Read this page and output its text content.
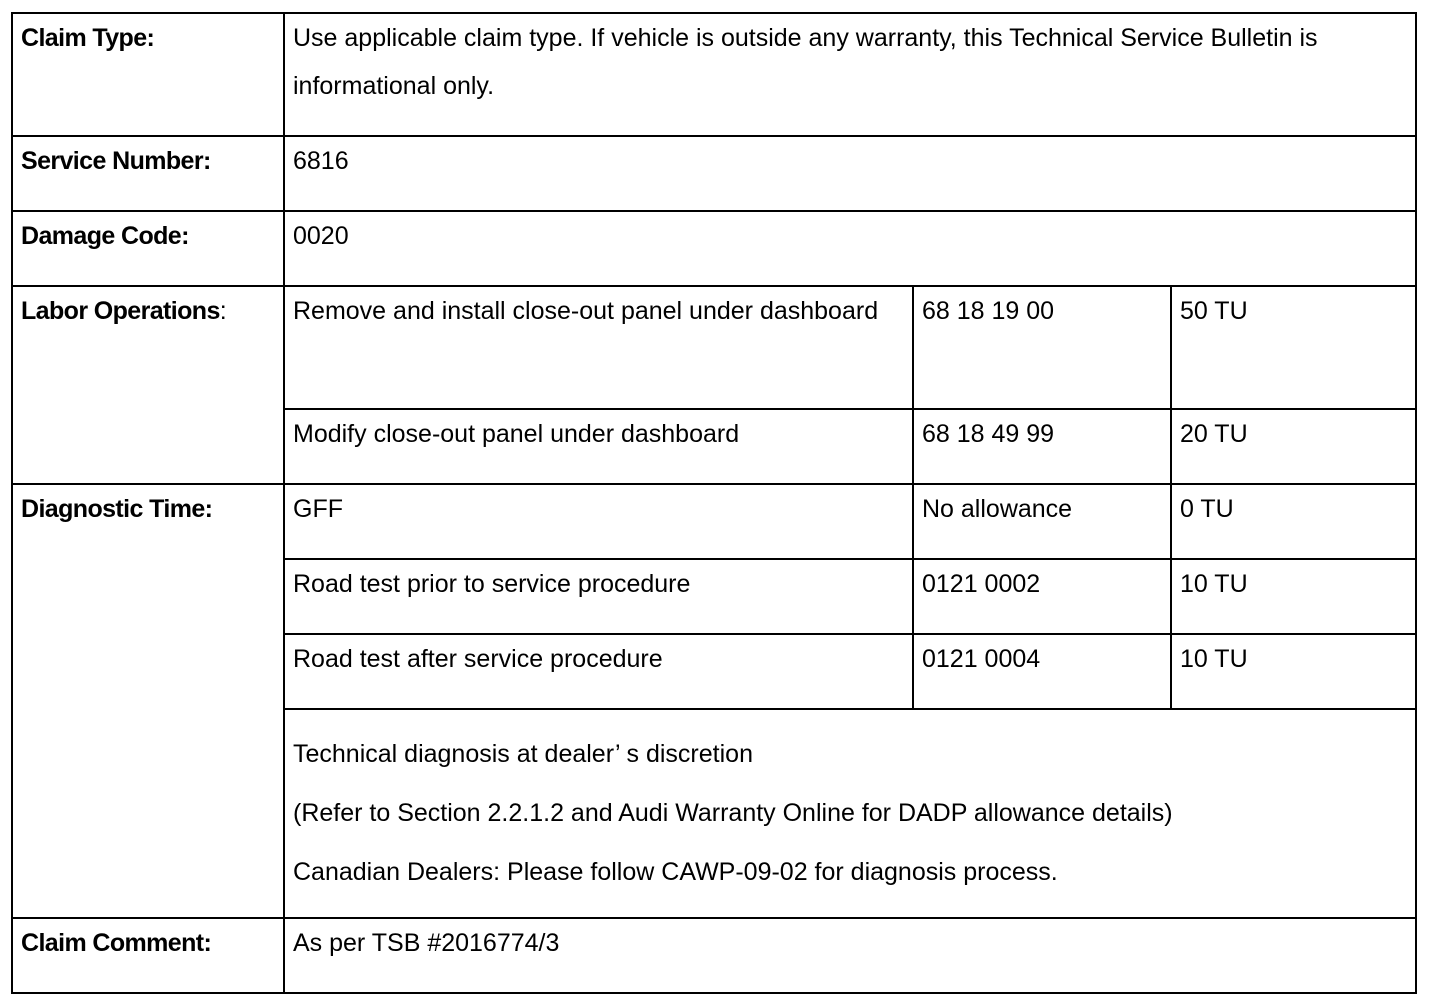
Claim Type:	Use applicable claim type. If vehicle is outside any warranty, this Technical Service Bulletin is informational only.		
Service Number:	6816		
Damage Code:	0020		
Labor Operations:	Remove and install close-out panel under dashboard	68 18 19 00	50 TU
	Modify close-out panel under dashboard	68 18 49 99	20 TU
Diagnostic Time:	GFF	No allowance	0 TU
	Road test prior to service procedure	0121 0002	10 TU
	Road test after service procedure	0121 0004	10 TU

	Technical diagnosis at dealer’ s discretion

(Refer to Section 2.2.1.2 and Audi Warranty Online for DADP allowance details)

Canadian Dealers: Please follow CAWP-09-02 for diagnosis process.		

Claim Comment:	As per TSB #2016774/3		
